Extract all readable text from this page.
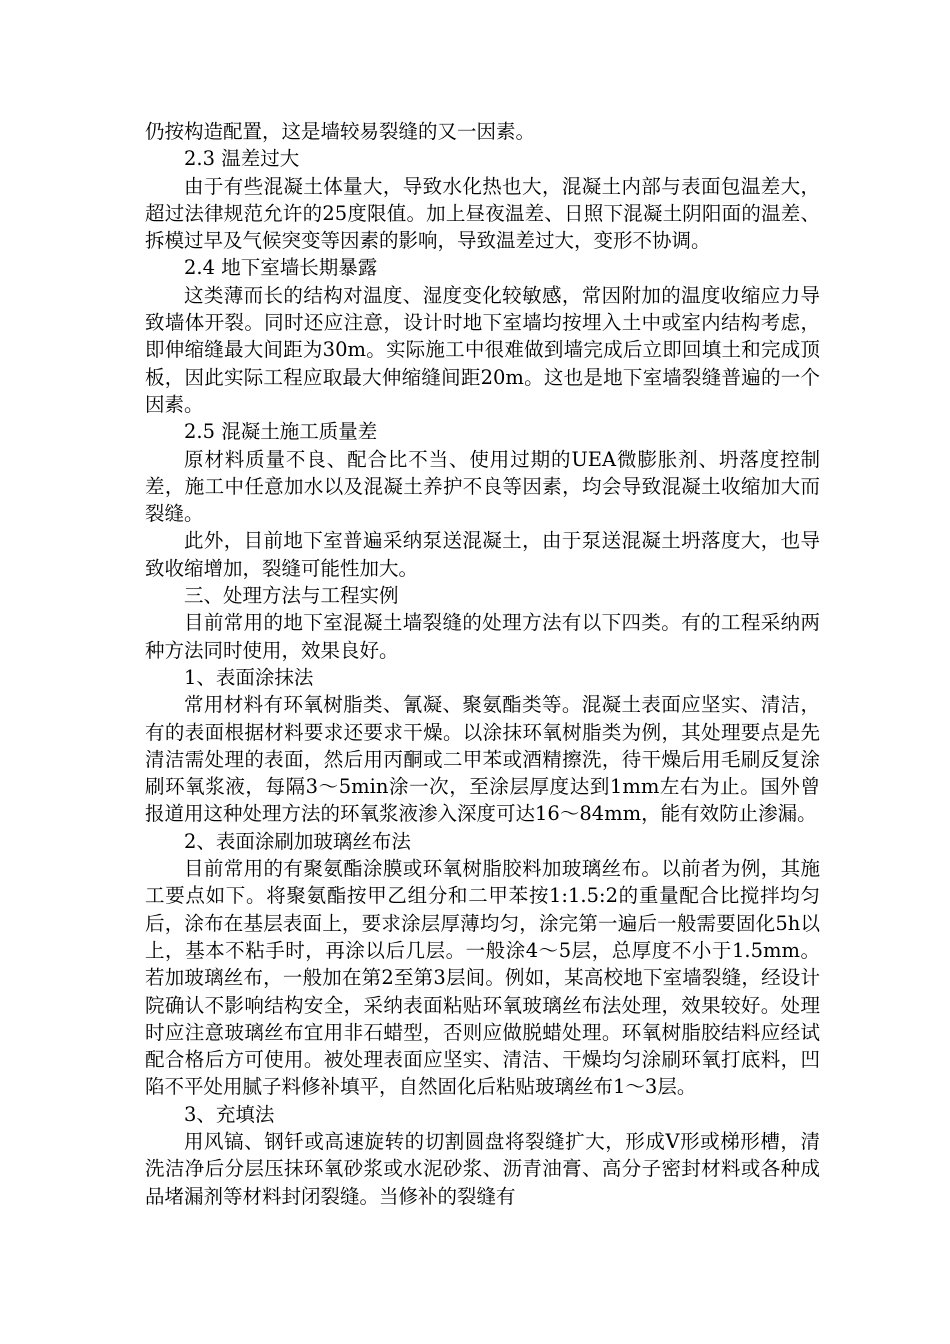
仍按构造配置，这是墙较易裂缝的又一因素。

2.3 温差过大

由于有些混凝土体量大，导致水化热也大，混凝土内部与表面包温差大，超过法律规范允许的25度限值。加上昼夜温差、日照下混凝土阴阳面的温差、拆模过早及气候突变等因素的影响，导致温差过大，变形不协调。

2.4 地下室墙长期暴露

这类薄而长的结构对温度、湿度变化较敏感，常因附加的温度收缩应力导致墙体开裂。同时还应注意，设计时地下室墙均按埋入土中或室内结构考虑，即伸缩缝最大间距为30m。实际施工中很难做到墙完成后立即回填土和完成顶板，因此实际工程应取最大伸缩缝间距20m。这也是地下室墙裂缝普遍的一个因素。

2.5 混凝土施工质量差

原材料质量不良、配合比不当、使用过期的UEA微膨胀剂、坍落度控制差，施工中任意加水以及混凝土养护不良等因素，均会导致混凝土收缩加大而裂缝。

此外，目前地下室普遍采纳泵送混凝土，由于泵送混凝土坍落度大，也导致收缩增加，裂缝可能性加大。

三、处理方法与工程实例

目前常用的地下室混凝土墙裂缝的处理方法有以下四类。有的工程采纳两种方法同时使用，效果良好。

1、表面涂抹法

常用材料有环氧树脂类、氰凝、聚氨酯类等。混凝土表面应坚实、清洁，有的表面根据材料要求还要求干燥。以涂抹环氧树脂类为例，其处理要点是先清洁需处理的表面，然后用丙酮或二甲苯或酒精擦洗，待干燥后用毛刷反复涂刷环氧浆液，每隔3～5min涂一次，至涂层厚度达到1mm左右为止。国外曾报道用这种处理方法的环氧浆液渗入深度可达16～84mm，能有效防止渗漏。

2、表面涂刷加玻璃丝布法

目前常用的有聚氨酯涂膜或环氧树脂胶料加玻璃丝布。以前者为例，其施工要点如下。将聚氨酯按甲乙组分和二甲苯按1:1.5:2的重量配合比搅拌均匀后，涂布在基层表面上，要求涂层厚薄均匀，涂完第一遍后一般需要固化5h以上，基本不粘手时，再涂以后几层。一般涂4～5层，总厚度不小于1.5mm。若加玻璃丝布，一般加在第2至第3层间。例如，某高校地下室墙裂缝，经设计院确认不影响结构安全，采纳表面粘贴环氧玻璃丝布法处理，效果较好。处理时应注意玻璃丝布宜用非石蜡型，否则应做脱蜡处理。环氧树脂胶结料应经试配合格后方可使用。被处理表面应坚实、清洁、干燥均匀涂刷环氧打底料，凹陷不平处用腻子料修补填平，自然固化后粘贴玻璃丝布1～3层。

3、充填法

用风镐、钢钎或高速旋转的切割圆盘将裂缝扩大，形成V形或梯形槽，清洗洁净后分层压抹环氧砂浆或水泥砂浆、沥青油膏、高分子密封材料或各种成品堵漏剂等材料封闭裂缝。当修补的裂缝有
